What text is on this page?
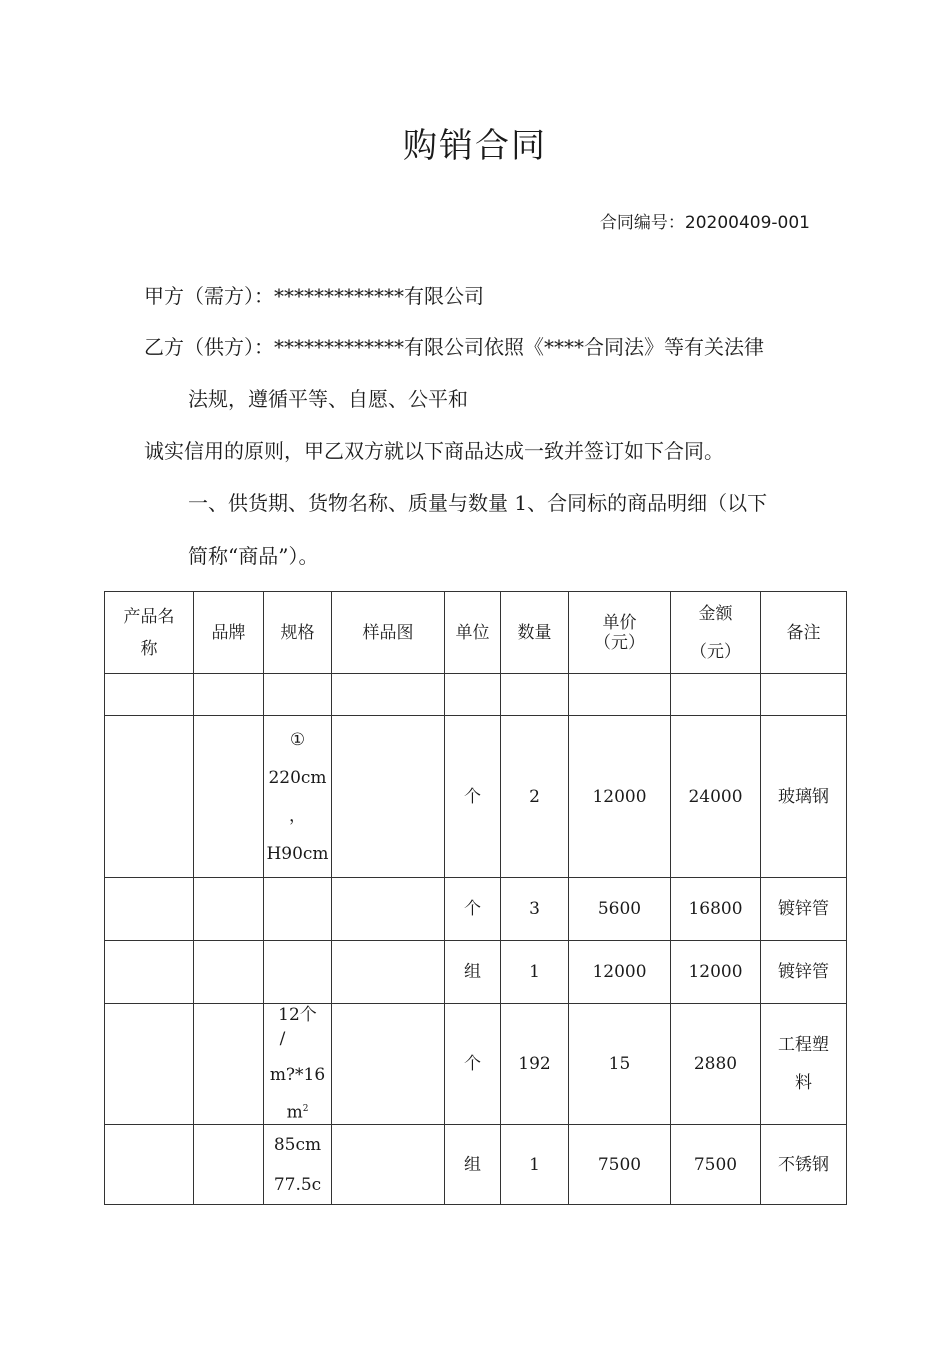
购销合同
合同编号：20200409-001
甲方（需方）：*************有限公司
乙方（供方）：*************有限公司依照《****合同法》等有关法律
法规，遵循平等、自愿、公平和
诚实信用的原则，甲乙双方就以下商品达成一致并签订如下合同。
一、供货期、货物名称、质量与数量 1、合同标的商品明细（以下
简称“商品”）。
产品名
称	品牌	规格	样品图	单位	数量	单价
（元）	金额
（元）	备注

		①
220cm
，
H90cm		个	2	12000	24000	玻璃钢
				个	3	5600	16800	镀锌管
				组	1	12000	12000	镀锌管

		12个
/
m?*16
$m^2$		个	192	15	2880	工程塑
料

		85cm
77.5c		组	1	7500	7500	不锈钢
